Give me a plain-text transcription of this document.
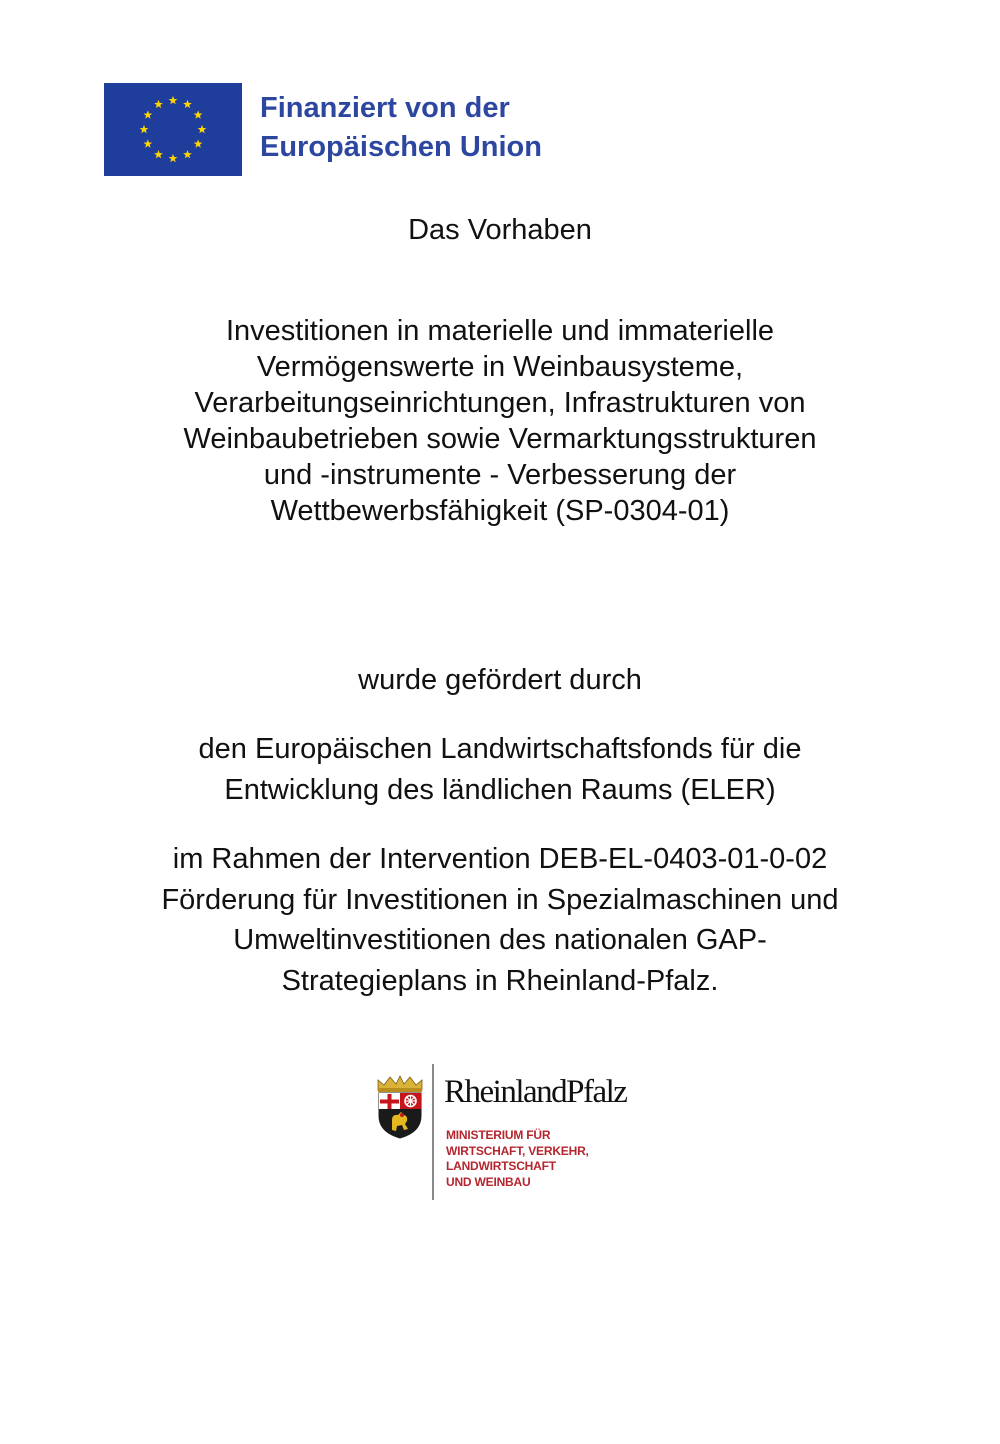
Finanziert von der
Europäischen Union
Das Vorhaben
Investitionen in materielle und immaterielle
Vermögenswerte in Weinbausysteme,
Verarbeitungseinrichtungen, Infrastrukturen von
Weinbaubetrieben sowie Vermarktungsstrukturen
und -instrumente - Verbesserung der
Wettbewerbsfähigkeit (SP-0304-01)
wurde gefördert durch
den Europäischen Landwirtschaftsfonds für die
Entwicklung des ländlichen Raums (ELER)
im Rahmen der Intervention DEB-EL-0403-01-0-02
Förderung für Investitionen in Spezialmaschinen und
Umweltinvestitionen des nationalen GAP-
Strategieplans in Rheinland-Pfalz.
RheinlandPfalz
MINISTERIUM FÜR
WIRTSCHAFT, VERKEHR,
LANDWIRTSCHAFT
UND WEINBAU
